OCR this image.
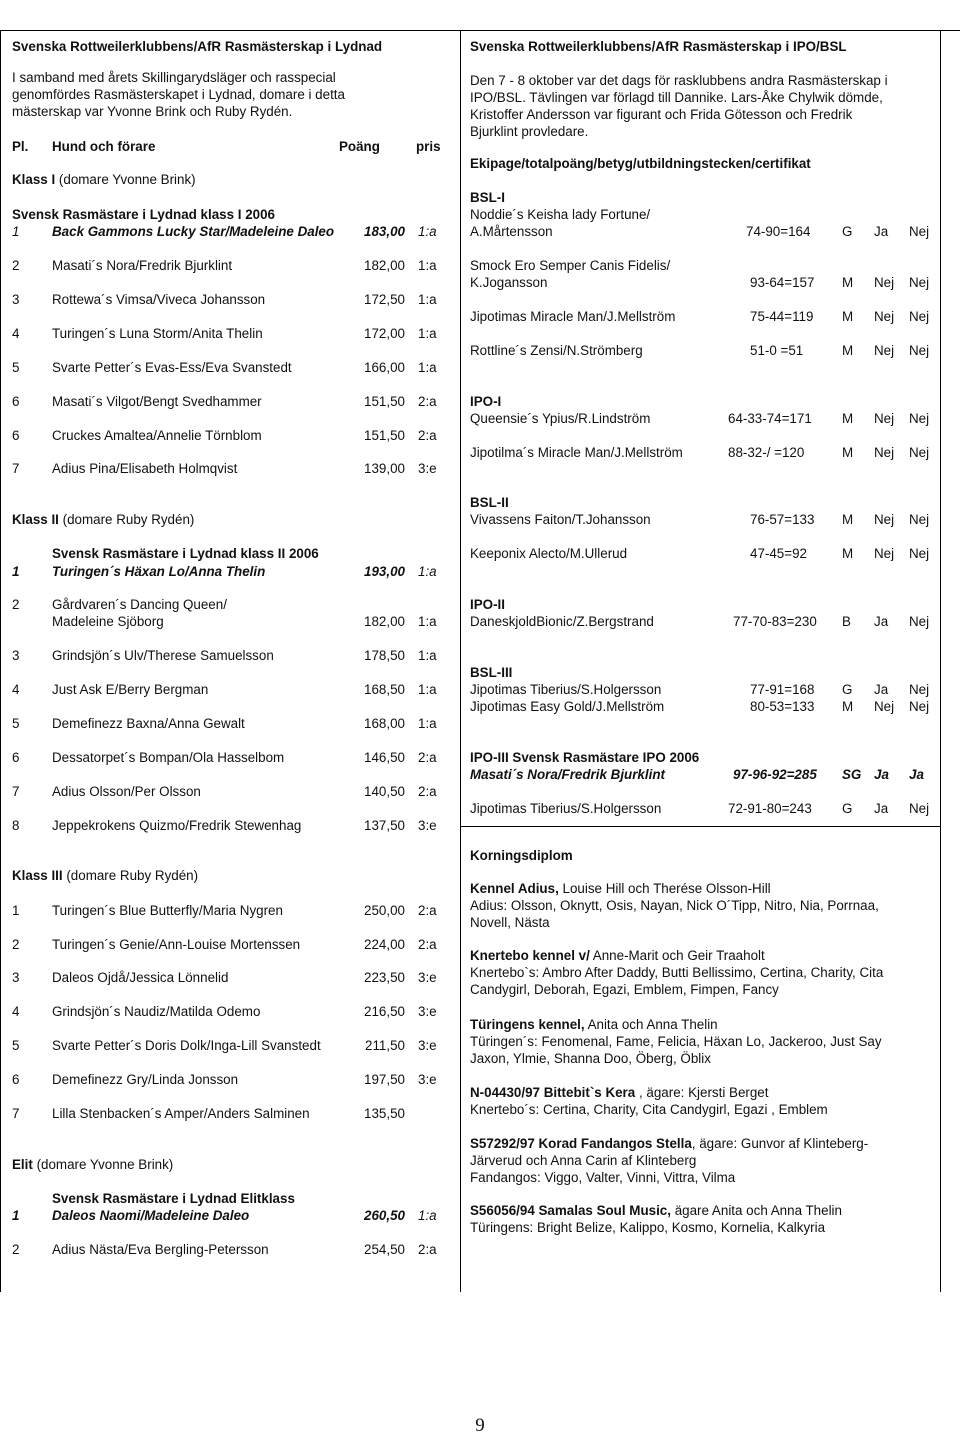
Svenska Rottweilerklubbens/AfR Rasmästerskap i Lydnad
I samband med årets Skillingarydsläger och rasspecial
genomfördes Rasmästerskapet i Lydnad, domare i detta
mästerskap var Yvonne Brink och Ruby Rydén.
Pl. Hund och förare	Poäng	pris
Klass I (domare Yvonne Brink)
Svensk Rasmästare i Lydnad klass I 2006
1 Back Gammons Lucky Star/Madeleine Daleo	183,00 1:a
2 Masati´s Nora/Fredrik Bjurklint	182,00 1:a
3 Rottewa´s Vimsa/Viveca Johansson	172,50 1:a
4 Turingen´s Luna Storm/Anita Thelin	172,00 1:a
5 Svarte Petter´s Evas-Ess/Eva Svanstedt	166,00 1:a
6 Masati´s Vilgot/Bengt Svedhammer	151,50 2:a
6 Cruckes Amaltea/Annelie Törnblom	151,50 2:a
7 Adius Pina/Elisabeth Holmqvist	139,00 3:e
Klass II (domare Ruby Rydén)
Svensk Rasmästare i Lydnad klass II 2006
1 Turingen´s Häxan Lo/Anna Thelin	193,00 1:a
2 Gårdvaren´s Dancing Queen/
Madeleine Sjöborg	182,00 1:a
3 Grindsjön´s Ulv/Therese Samuelsson	178,50 1:a
4 Just Ask E/Berry Bergman	168,50 1:a
5 Demefinezz Baxna/Anna Gewalt	168,00 1:a
6 Dessatorpet´s Bompan/Ola Hasselbom	146,50 2:a
7 Adius Olsson/Per Olsson	140,50 2:a
8 Jeppekrokens Quizmo/Fredrik Stewenhag	137,50 3:e
Klass III (domare Ruby Rydén)
1 Turingen´s Blue Butterfly/Maria Nygren	250,00 2:a
2 Turingen´s Genie/Ann-Louise Mortenssen	224,00 2:a
3 Daleos Ojdå/Jessica Lönnelid	223,50 3:e
4 Grindsjön´s Naudiz/Matilda Odemo	216,50 3:e
5 Svarte Petter´s Doris Dolk/Inga-Lill Svanstedt	211,50 3:e
6 Demefinezz Gry/Linda Jonsson	197,50 3:e
7 Lilla Stenbacken´s Amper/Anders Salminen	135,50
Elit (domare Yvonne Brink)
Svensk Rasmästare i Lydnad Elitklass
1 Daleos Naomi/Madeleine Daleo	260,50 1:a
2 Adius Nästa/Eva Bergling-Petersson	254,50 2:a
Svenska Rottweilerklubbens/AfR Rasmästerskap i IPO/BSL
Den 7 - 8 oktober var det dags för rasklubbens andra Rasmästerskap i
IPO/BSL. Tävlingen var förlagd till Dannike. Lars-Åke Chylwik dömde,
Kristoffer Andersson var figurant och Frida Götesson och Fredrik
Bjurklint provledare.
Ekipage/totalpoäng/betyg/utbildningstecken/certifikat
BSL-I
Noddie´s Keisha lady Fortune/
A.Mårtensson	74-90=164 G Ja Nej
Smock Ero Semper Canis Fidelis/
K.Jogansson	93-64=157 M Nej Nej
Jipotimas Miracle Man/J.Mellström	75-44=119 M Nej Nej
Rottline´s Zensi/N.Strömberg	51-0 =51	M Nej Nej
IPO-I
Queensie´s Ypius/R.Lindström	64-33-74=171 M Nej Nej
Jipotilma´s Miracle Man/J.Mellström	88-32-/ =120	M Nej Nej
BSL-II
Vivassens Faiton/T.Johansson	76-57=133 M Nej Nej
Keeponix Alecto/M.Ullerud	47-45=92	M Nej Nej
IPO-II
DaneskjoldBionic/Z.Bergstrand	77-70-83=230 B Ja Nej
BSL-III
Jipotimas Tiberius/S.Holgersson	77-91=168 G Ja Nej
Jipotimas Easy Gold/J.Mellström	80-53=133 M Nej Nej
IPO-III Svensk Rasmästare IPO 2006
Masati´s Nora/Fredrik Bjurklint	97-96-92=285 SG Ja Ja
Jipotimas Tiberius/S.Holgersson	72-91-80=243 G Ja Nej
Korningsdiplom
Kennel Adius, Louise Hill och Therése Olsson-Hill
Adius: Olsson, Oknytt, Osis, Nayan, Nick O´Tipp, Nitro, Nia, Porrnaa,
Novell, Nästa
Knertebo kennel v/ Anne-Marit och Geir Traaholt
Knertebo`s: Ambro After Daddy, Butti Bellissimo, Certina, Charity, Cita
Candygirl, Deborah, Egazi, Emblem, Fimpen, Fancy
Türingens kennel, Anita och Anna Thelin
Türingen´s: Fenomenal, Fame, Felicia, Häxan Lo, Jackeroo, Just Say
Jaxon, Ylmie, Shanna Doo, Öberg, Öblix
N-04430/97 Bittebit`s Kera , ägare: Kjersti Berget
Knertebo´s: Certina, Charity, Cita Candygirl, Egazi , Emblem
S57292/97 Korad Fandangos Stella, ägare: Gunvor af Klinteberg-
Järverud och Anna Carin af Klinteberg
Fandangos: Viggo, Valter, Vinni, Vittra, Vilma
S56056/94 Samalas Soul Music, ägare Anita och Anna Thelin
Türingens: Bright Belize, Kalippo, Kosmo, Kornelia, Kalkyria
9
